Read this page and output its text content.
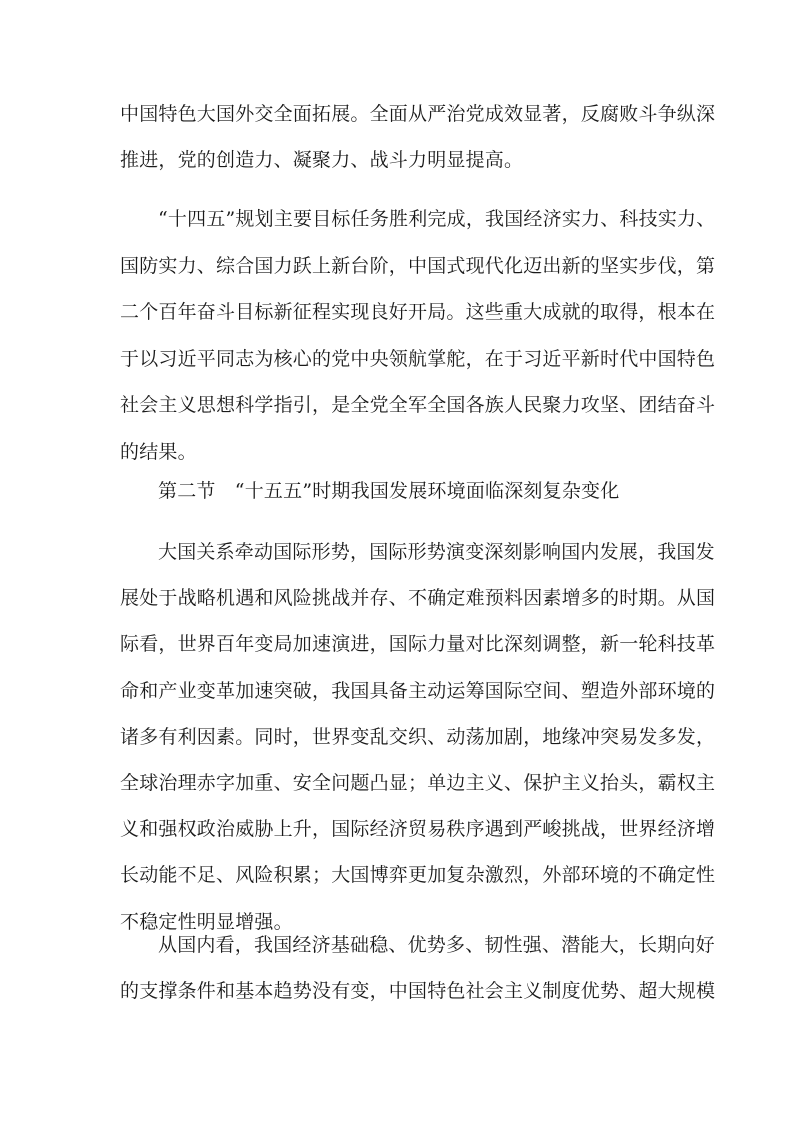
中国特色大国外交全面拓展。全面从严治党成效显著，反腐败斗争纵深
推进，党的创造力、凝聚力、战斗力明显提高。
“十四五”规划主要目标任务胜利完成，我国经济实力、科技实力、
国防实力、综合国力跃上新台阶，中国式现代化迈出新的坚实步伐，第
二个百年奋斗目标新征程实现良好开局。这些重大成就的取得，根本在
于以习近平同志为核心的党中央领航掌舵，在于习近平新时代中国特色
社会主义思想科学指引，是全党全军全国各族人民聚力攻坚、团结奋斗
的结果。
第二节　“十五五”时期我国发展环境面临深刻复杂变化
大国关系牵动国际形势，国际形势演变深刻影响国内发展，我国发
展处于战略机遇和风险挑战并存、不确定难预料因素增多的时期。从国
际看，世界百年变局加速演进，国际力量对比深刻调整，新一轮科技革
命和产业变革加速突破，我国具备主动运筹国际空间、塑造外部环境的
诸多有利因素。同时，世界变乱交织、动荡加剧，地缘冲突易发多发，
全球治理赤字加重、安全问题凸显；单边主义、保护主义抬头，霸权主
义和强权政治威胁上升，国际经济贸易秩序遇到严峻挑战，世界经济增
长动能不足、风险积累；大国博弈更加复杂激烈，外部环境的不确定性
不稳定性明显增强。
从国内看，我国经济基础稳、优势多、韧性强、潜能大，长期向好
的支撑条件和基本趋势没有变，中国特色社会主义制度优势、超大规模
